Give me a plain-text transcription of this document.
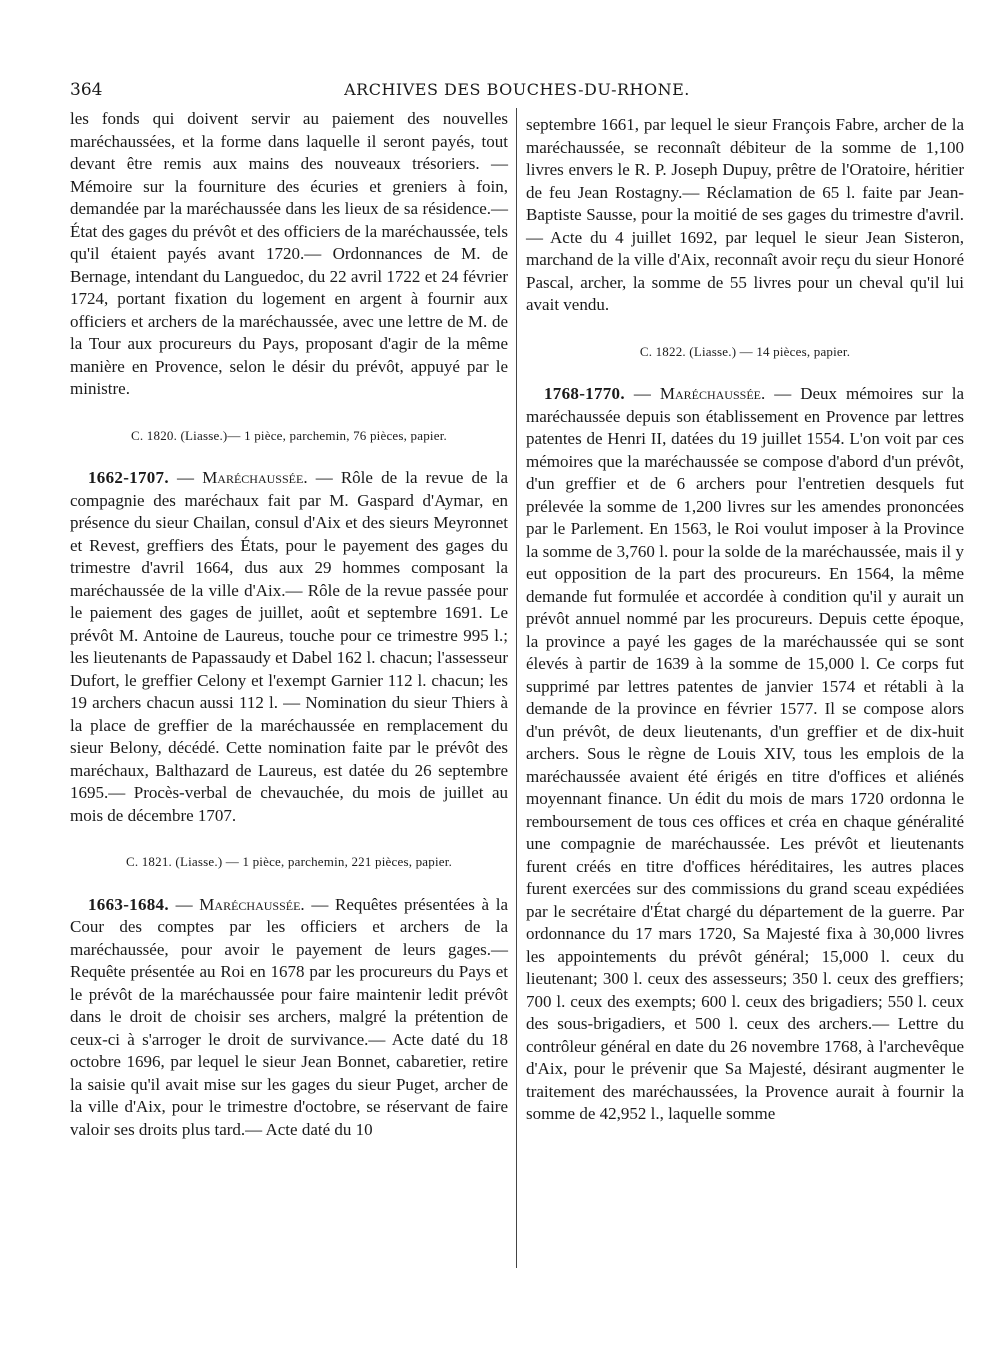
364	ARCHIVES DES BOUCHES-DU-RHONE.

les fonds qui doivent servir au paiement des nouvelles maréchaussées, et la forme dans laquelle il seront payés, tout devant être remis aux mains des nouveaux trésoriers. — Mémoire sur la fourniture des écuries et greniers à foin, demandée par la maréchaussée dans les lieux de sa résidence.— État des gages du prévôt et des officiers de la maréchaussée, tels qu'il étaient payés avant 1720.— Ordonnances de M. de Bernage, intendant du Languedoc, du 22 avril 1722 et 24 février 1724, portant fixation du logement en argent à fournir aux officiers et archers de la maréchaussée, avec une lettre de M. de la Tour aux procureurs du Pays, proposant d'agir de la même manière en Provence, selon le désir du prévôt, appuyé par le ministre.

C. 1820. (Liasse.)— 1 pièce, parchemin, 76 pièces, papier.

1662-1707. — Maréchaussée. — Rôle de la revue de la compagnie des maréchaux fait par M. Gaspard d'Aymar, en présence du sieur Chailan, consul d'Aix et des sieurs Meyronnet et Revest, greffiers des États, pour le payement des gages du trimestre d'avril 1664, dus aux 29 hommes composant la maréchaussée de la ville d'Aix.— Rôle de la revue passée pour le paiement des gages de juillet, août et septembre 1691. Le prévôt M. Antoine de Laureus, touche pour ce trimestre 995 l.; les lieutenants de Papassaudy et Dabel 162 l. chacun; l'assesseur Dufort, le greffier Celony et l'exempt Garnier 112 l. chacun; les 19 archers chacun aussi 112 l. — Nomination du sieur Thiers à la place de greffier de la maréchaussée en remplacement du sieur Belony, décédé. Cette nomination faite par le prévôt des maréchaux, Balthazard de Laureus, est datée du 26 septembre 1695.— Procès-verbal de chevauchée, du mois de juillet au mois de décembre 1707.

C. 1821. (Liasse.) — 1 pièce, parchemin, 221 pièces, papier.

1663-1684. — Maréchaussée. — Requêtes présentées à la Cour des comptes par les officiers et archers de la maréchaussée, pour avoir le payement de leurs gages.— Requête présentée au Roi en 1678 par les procureurs du Pays et le prévôt de la maréchaussée pour faire maintenir ledit prévôt dans le droit de choisir ses archers, malgré la prétention de ceux-ci à s'arroger le droit de survivance.— Acte daté du 18 octobre 1696, par lequel le sieur Jean Bonnet, cabaretier, retire la saisie qu'il avait mise sur les gages du sieur Puget, archer de la ville d'Aix, pour le trimestre d'octobre, se réservant de faire valoir ses droits plus tard.— Acte daté du 10

septembre 1661, par lequel le sieur François Fabre, archer de la maréchaussée, se reconnaît débiteur de la somme de 1,100 livres envers le R. P. Joseph Dupuy, prêtre de l'Oratoire, héritier de feu Jean Rostagny.— Réclamation de 65 l. faite par Jean-Baptiste Sausse, pour la moitié de ses gages du trimestre d'avril.— Acte du 4 juillet 1692, par lequel le sieur Jean Sisteron, marchand de la ville d'Aix, reconnaît avoir reçu du sieur Honoré Pascal, archer, la somme de 55 livres pour un cheval qu'il lui avait vendu.

C. 1822. (Liasse.) — 14 pièces, papier.

1768-1770. — Maréchaussée. — Deux mémoires sur la maréchaussée depuis son établissement en Provence par lettres patentes de Henri II, datées du 19 juillet 1554. L'on voit par ces mémoires que la maréchaussée se compose d'abord d'un prévôt, d'un greffier et de 6 archers pour l'entretien desquels fut prélevée la somme de 1,200 livres sur les amendes prononcées par le Parlement. En 1563, le Roi voulut imposer à la Province la somme de 3,760 l. pour la solde de la maréchaussée, mais il y eut opposition de la part des procureurs. En 1564, la même demande fut formulée et accordée à condition qu'il y aurait un prévôt annuel nommé par les procureurs. Depuis cette époque, la province a payé les gages de la maréchaussée qui se sont élevés à partir de 1639 à la somme de 15,000 l. Ce corps fut supprimé par lettres patentes de janvier 1574 et rétabli à la demande de la province en février 1577. Il se compose alors d'un prévôt, de deux lieutenants, d'un greffier et de dix-huit archers. Sous le règne de Louis XIV, tous les emplois de la maréchaussée avaient été érigés en titre d'offices et aliénés moyennant finance. Un édit du mois de mars 1720 ordonna le remboursement de tous ces offices et créa en chaque généralité une compagnie de maréchaussée. Les prévôt et lieutenants furent créés en titre d'offices héréditaires, les autres places furent exercées sur des commissions du grand sceau expédiées par le secrétaire d'État chargé du département de la guerre. Par ordonnance du 17 mars 1720, Sa Majesté fixa à 30,000 livres les appointements du prévôt général; 15,000 l. ceux du lieutenant; 300 l. ceux des assesseurs; 350 l. ceux des greffiers; 700 l. ceux des exempts; 600 l. ceux des brigadiers; 550 l. ceux des sous-brigadiers, et 500 l. ceux des archers.— Lettre du contrôleur général en date du 26 novembre 1768, à l'archevêque d'Aix, pour le prévenir que Sa Majesté, désirant augmenter le traitement des maréchaussées, la Provence aurait à fournir la somme de 42,952 l., laquelle somme
